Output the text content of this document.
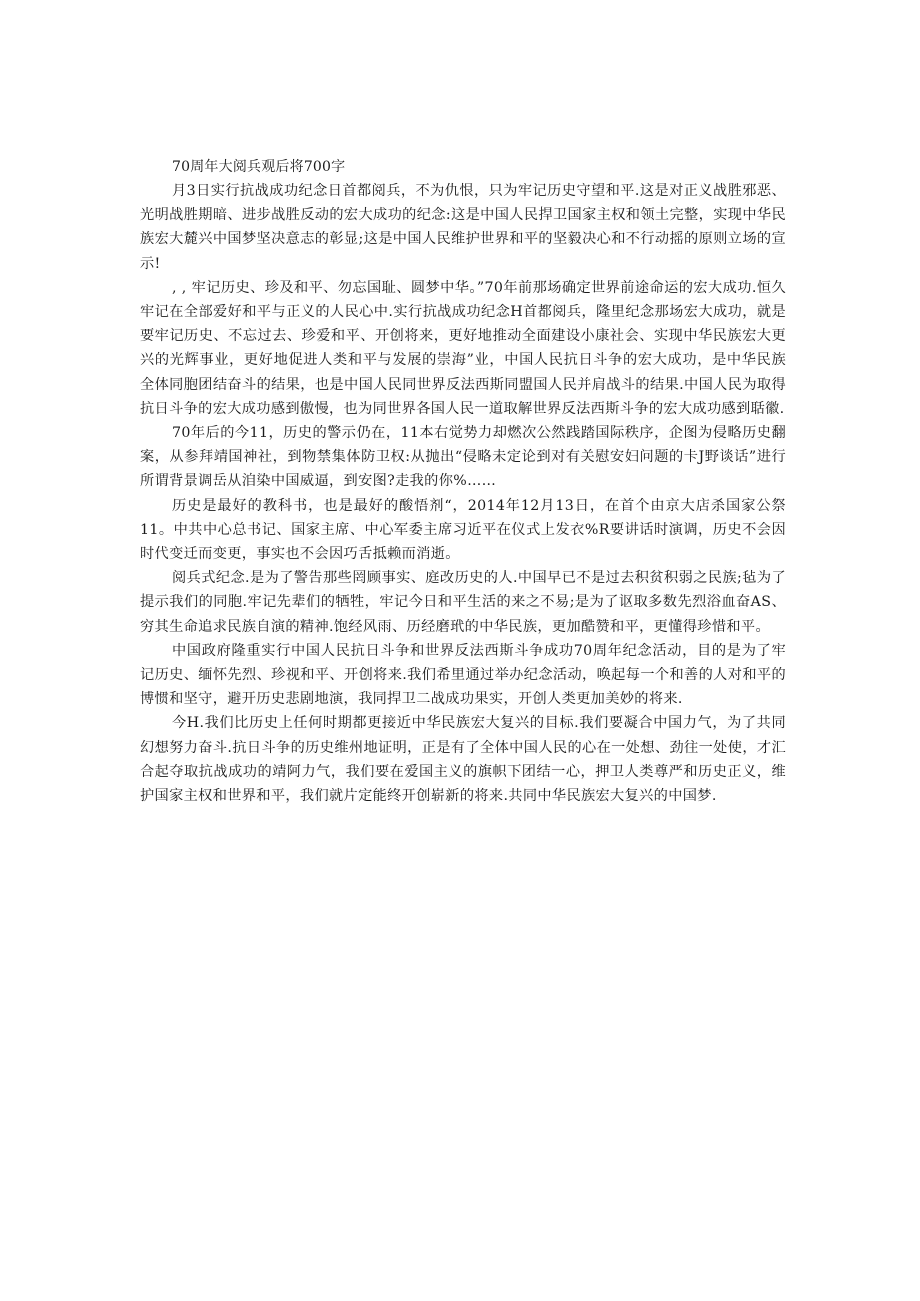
70周年大阅兵观后将700字

月3日实行抗战成功纪念日首都阅兵，不为仇恨，只为牢记历史守望和平.这是对正义战胜邪恶、光明战胜期暗、进步战胜反动的宏大成功的纪念:这是中国人民捍卫国家主权和领土完整，实现中华民族宏大麓兴中国梦坚决意志的彰显;这是中国人民维护世界和平的坚毅决心和不行动摇的原则立场的宣示!

, , 牢记历史、珍及和平、勿忘国耻、圆梦中华。”70年前那场确定世界前途命运的宏大成功.恒久牢记在全部爱好和平与正义的人民心中.实行抗战成功纪念H首都阅兵，隆里纪念那场宏大成功，就是要牢记历史、不忘过去、珍爱和平、开创将来，更好地推动全面建设小康社会、实现中华民族宏大更兴的光辉事业，更好地促进人类和平与发展的崇海”业，中国人民抗日斗争的宏大成功，是中华民族全体同胞团结奋斗的结果，也是中国人民同世界反法西斯同盟国人民并肩战斗的结果.中国人民为取得抗日斗争的宏大成功感到傲慢，也为同世界各国人民一道取解世界反法西斯斗争的宏大成功感到聒徽.

70年后的今11，历史的警示仍在，11本右觉势力却燃次公然践踏国际秩序，企图为侵略历史翻案，从参拜靖国神社，到物禁集体防卫权:从抛出“侵略未定论到对有关慰安妇问题的卡J野谈话”进行所谓背景调岳从洎染中国威逼，到安图?走我的你%……

历史是最好的教科书，也是最好的酸悟剂“，2014年12月13日，在首个由京大店杀国家公祭11。中共中心总书记、国家主席、中心军委主席习近平在仪式上发衣%R要讲话时演调，历史不会因时代变迁而变更，事实也不会因巧舌抵赖而消逝。

阅兵式纪念.是为了警告那些罔顾事实、庭改历史的人.中国早已不是过去积贫积弱之民族;毡为了提示我们的同胞.牢记先辈们的牺牲，牢记今日和平生活的来之不易;是为了讴取多数先烈浴血奋AS、穷其生命追求民族自演的精神.饱经风雨、历经磨玳的中华民族，更加酷赞和平，更懂得珍惜和平。

中国政府隆重实行中国人民抗日斗争和世界反法西斯斗争成功70周年纪念活动，目的是为了牢记历史、缅怀先烈、珍视和平、开创将来.我们希里通过举办纪念活动，唤起每一个和善的人对和平的博惯和坚守，避开历史悲剧地演，我同捍卫二战成功果实，开创人类更加美妙的将来.

今H.我们比历史上任何时期都更接近中华民族宏大复兴的目标.我们要凝合中国力气，为了共同幻想努力奋斗.抗日斗争的历史维州地证明，正是有了全体中国人民的心在一处想、劲往一处使，才汇合起夺取抗战成功的靖阿力气，我们要在爱国主义的旗帜下团结一心，押卫人类尊严和历史正义，维护国家主权和世界和平，我们就片定能终开创崭新的将来.共同中华民族宏大复兴的中国梦.
